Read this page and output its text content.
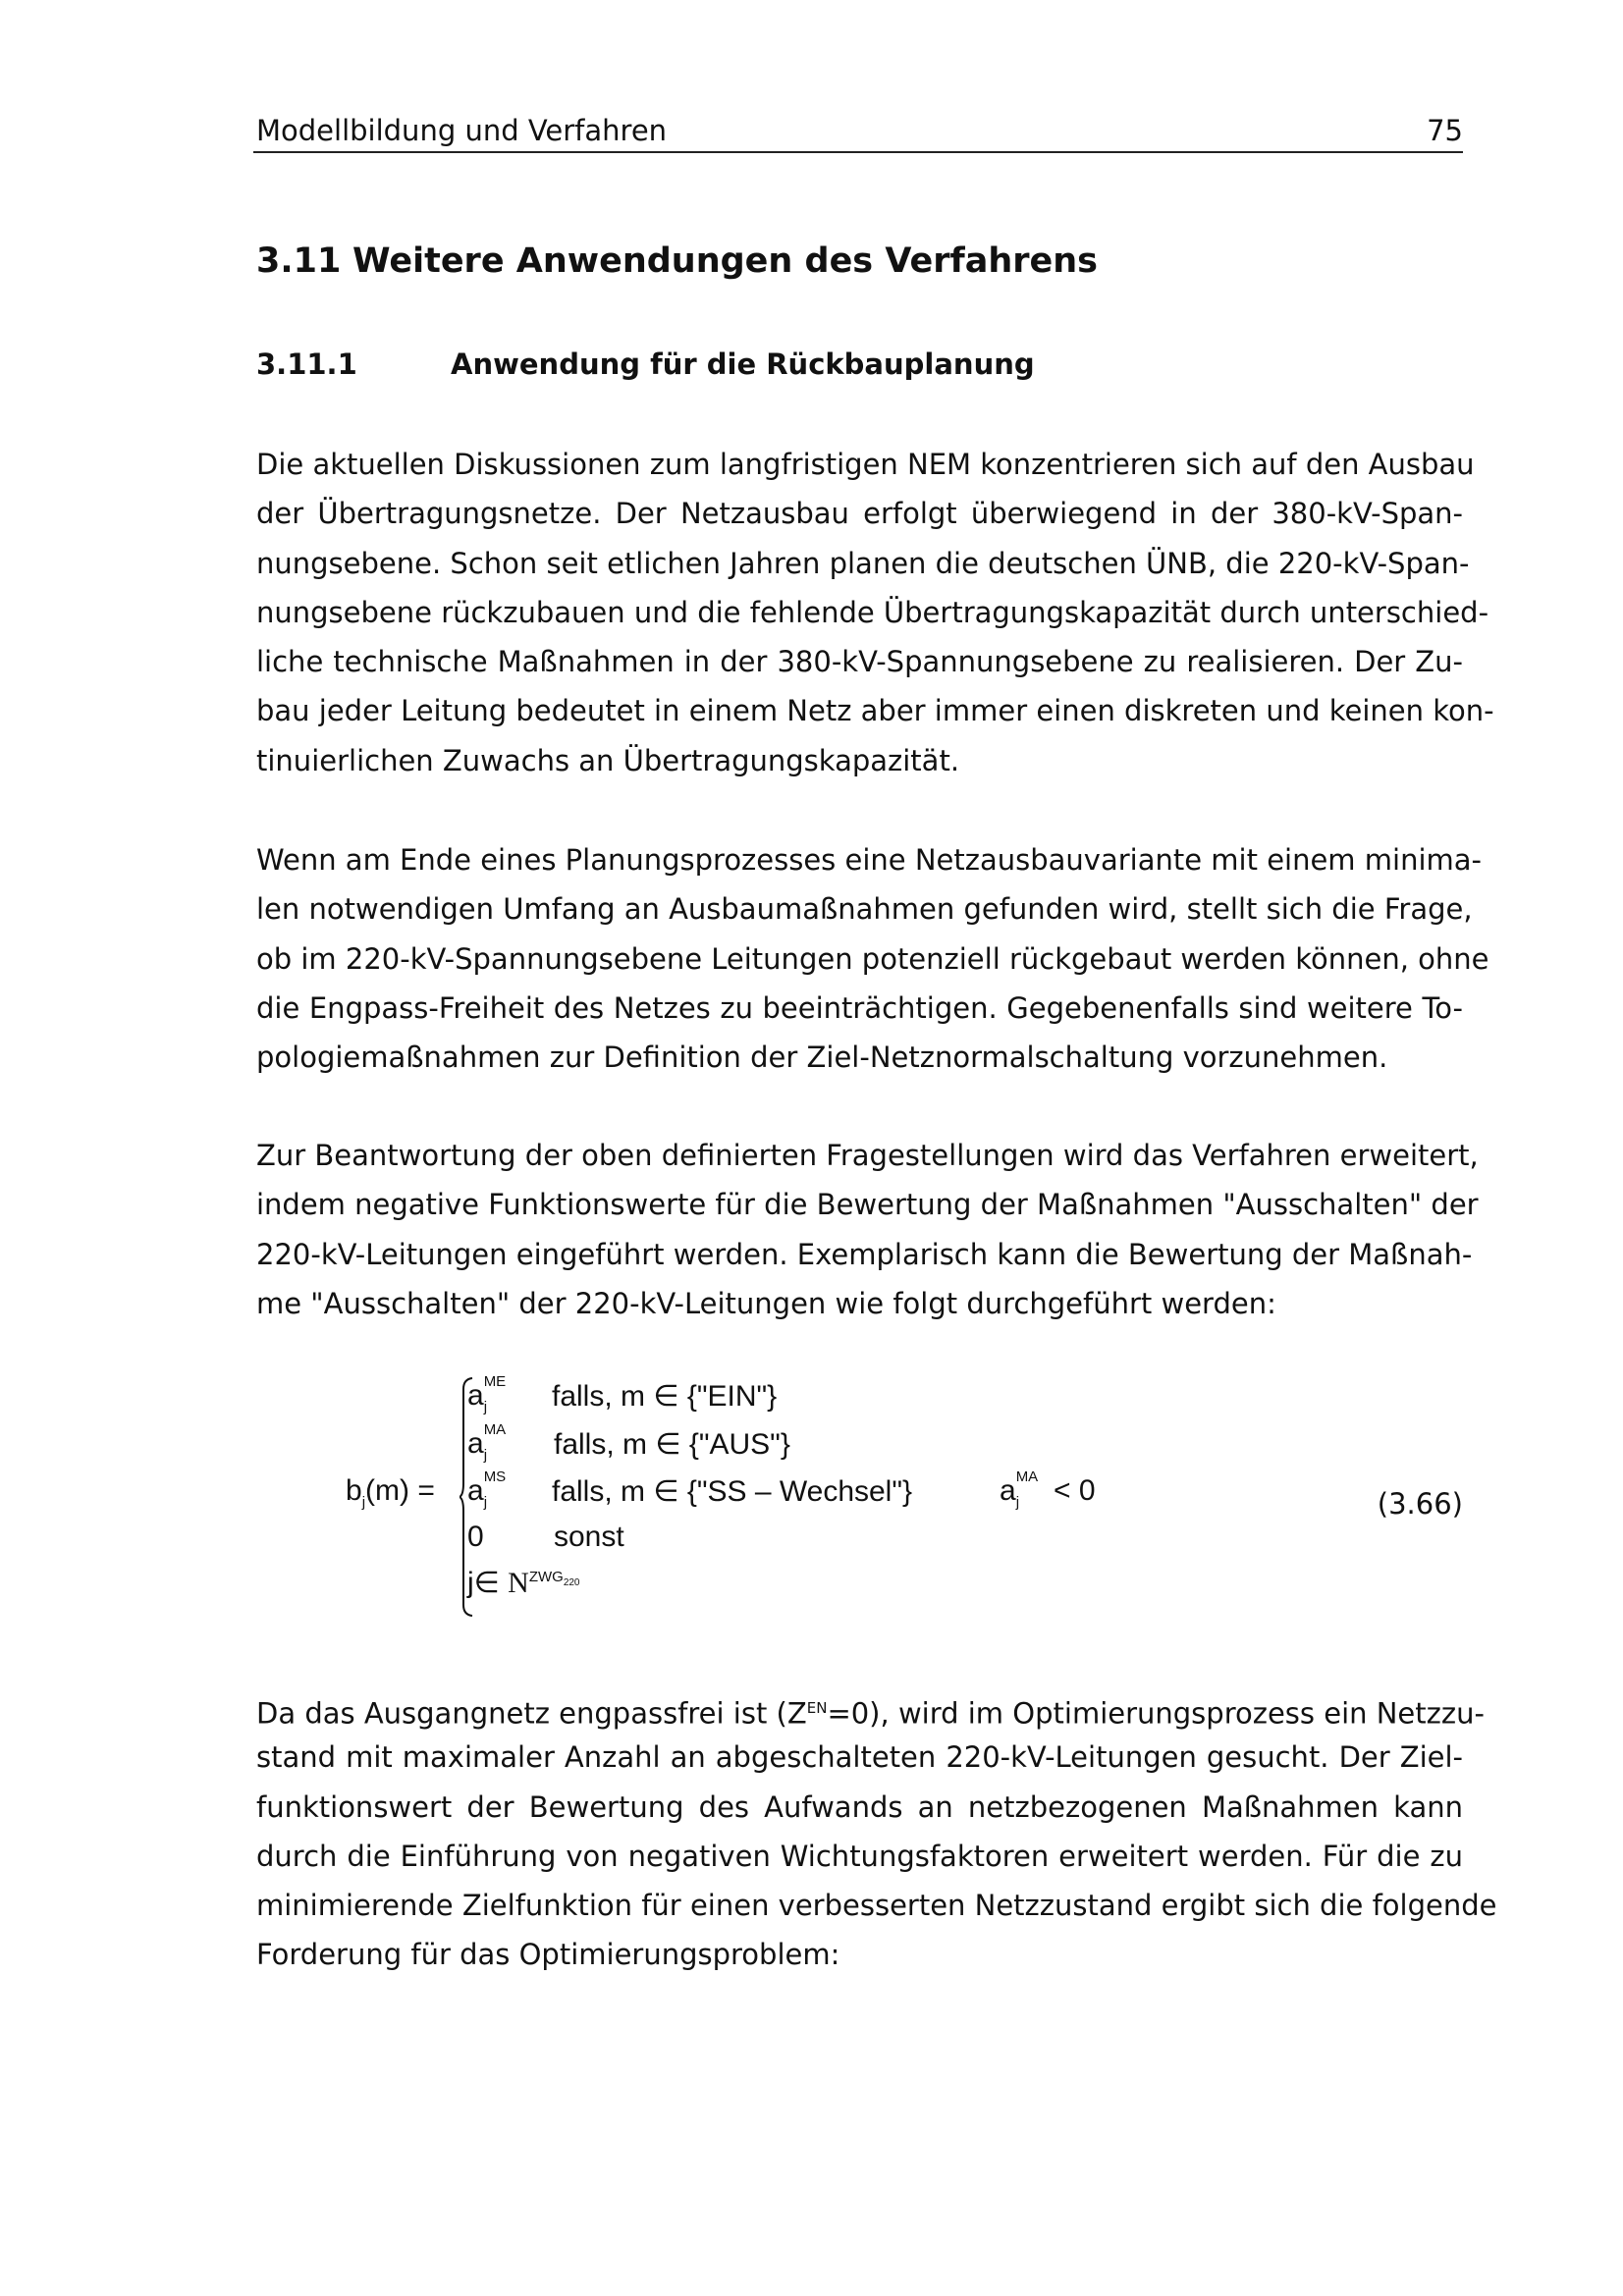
Modellbildung und Verfahren	75
3.11 Weitere Anwendungen des Verfahrens
3.11.1	Anwendung für die Rückbauplanung
Die aktuellen Diskussionen zum langfristigen NEM konzentrieren sich auf den Ausbau
der Übertragungsnetze. Der Netzausbau erfolgt überwiegend in der 380-kV-Span-
nungsebene. Schon seit etlichen Jahren planen die deutschen ÜNB, die 220-kV-Span-
nungsebene rückzubauen und die fehlende Übertragungskapazität durch unterschied-
liche technische Maßnahmen in der 380-kV-Spannungsebene zu realisieren. Der Zu-
bau jeder Leitung bedeutet in einem Netz aber immer einen diskreten und keinen kon-
tinuierlichen Zuwachs an Übertragungskapazität.
Wenn am Ende eines Planungsprozesses eine Netzausbauvariante mit einem minima-
len notwendigen Umfang an Ausbaumaßnahmen gefunden wird, stellt sich die Frage,
ob im 220-kV-Spannungsebene Leitungen potenziell rückgebaut werden können, ohne
die Engpass-Freiheit des Netzes zu beeinträchtigen. Gegebenenfalls sind weitere To-
pologiemaßnahmen zur Definition der Ziel-Netznormalschaltung vorzunehmen.
Zur Beantwortung der oben definierten Fragestellungen wird das Verfahren erweitert,
indem negative Funktionswerte für die Bewertung der Maßnahmen "Ausschalten" der
220-kV-Leitungen eingeführt werden. Exemplarisch kann die Bewertung der Maßnah-
me "Ausschalten" der 220-kV-Leitungen wie folgt durchgeführt werden:
$b_j(m)$ =
a ME
j falls, m ∈ {"EIN"}
a MA
j falls, m ∈ {"AUS"}
a MS
j falls, m ∈ {"SS – Wechsel"}
0 sonst
j∈ $N^{ZWG_{220}}$
a MA
j < 0	(3.66)
Da das Ausgangnetz engpassfrei ist $(Z^{EN}=0)$, wird im Optimierungsprozess ein Netzzu-
stand mit maximaler Anzahl an abgeschalteten 220-kV-Leitungen gesucht. Der Ziel-
funktionswert der Bewertung des Aufwands an netzbezogenen Maßnahmen kann
durch die Einführung von negativen Wichtungsfaktoren erweitert werden. Für die zu
minimierende Zielfunktion für einen verbesserten Netzzustand ergibt sich die folgende
Forderung für das Optimierungsproblem:
